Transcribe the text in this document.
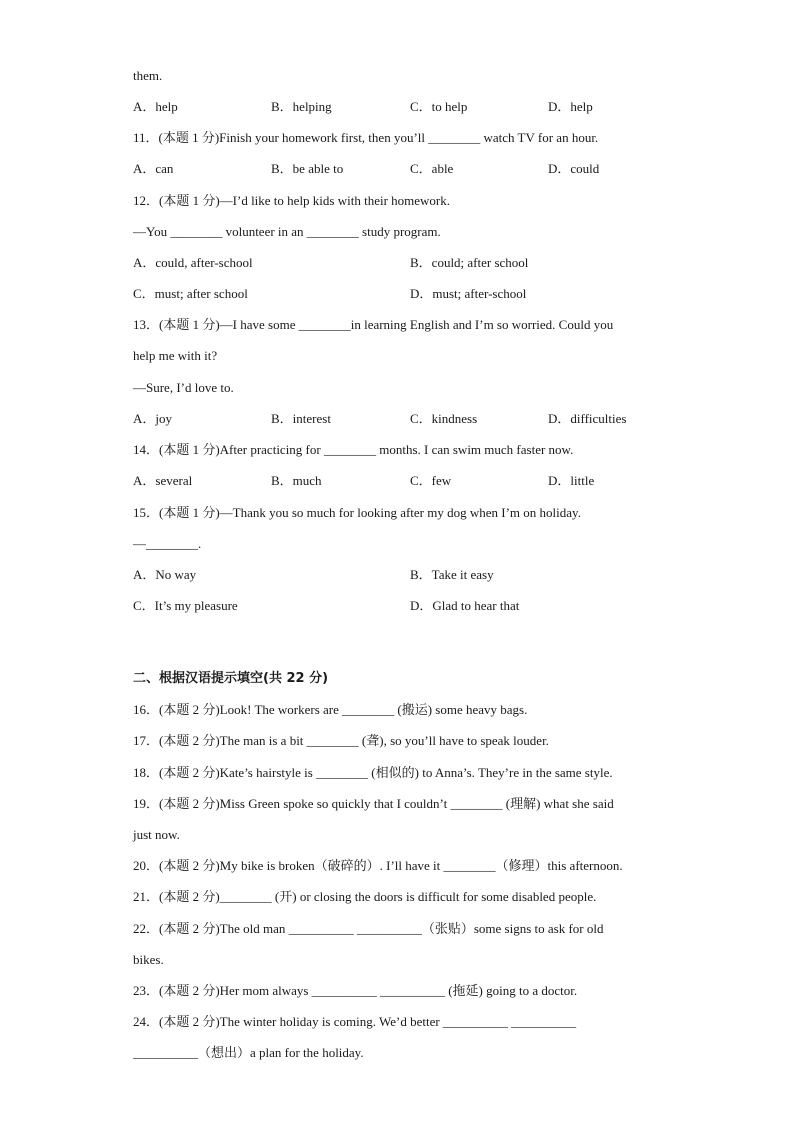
them.
A．help	B．helping	C．to help	D．help
11．(本题 1 分)Finish your homework first, then you’ll ________ watch TV for an hour.
A．can	B．be able to	C．able	D．could
12．(本题 1 分)—I’d like to help kids with their homework.
—You ________ volunteer in an ________ study program.
A．could, after-school	B．could; after school
C．must; after school	D．must; after-school
13．(本题 1 分)—I have some ________in learning English and I’m so worried. Could you
help me with it?
—Sure, I’d love to.
A．joy	B．interest	C．kindness	D．difficulties
14．(本题 1 分)After practicing for ________ months. I can swim much faster now.
A．several	B．much	C．few	D．little
15．(本题 1 分)—Thank you so much for looking after my dog when I’m on holiday.
—________.
A．No way	B．Take it easy
C．It’s my pleasure	D．Glad to hear that
二、根据汉语提示填空(共 22 分)
16．(本题 2 分)Look! The workers are ________ (搬运) some heavy bags.
17．(本题 2 分)The man is a bit ________ (聋), so you’ll have to speak louder.
18．(本题 2 分)Kate’s hairstyle is ________ (相似的) to Anna’s. They’re in the same style.
19．(本题 2 分)Miss Green spoke so quickly that I couldn’t ________ (理解) what she said
just now.
20．(本题 2 分)My bike is broken（破碎的）. I’ll have it ________（修理）this afternoon.
21．(本题 2 分)________ (开) or closing the doors is difficult for some disabled people.
22．(本题 2 分)The old man __________ __________（张贴）some signs to ask for old
bikes.
23．(本题 2 分)Her mom always __________ __________ (拖延) going to a doctor.
24．(本题 2 分)The winter holiday is coming. We’d better __________ __________
__________（想出）a plan for the holiday.
